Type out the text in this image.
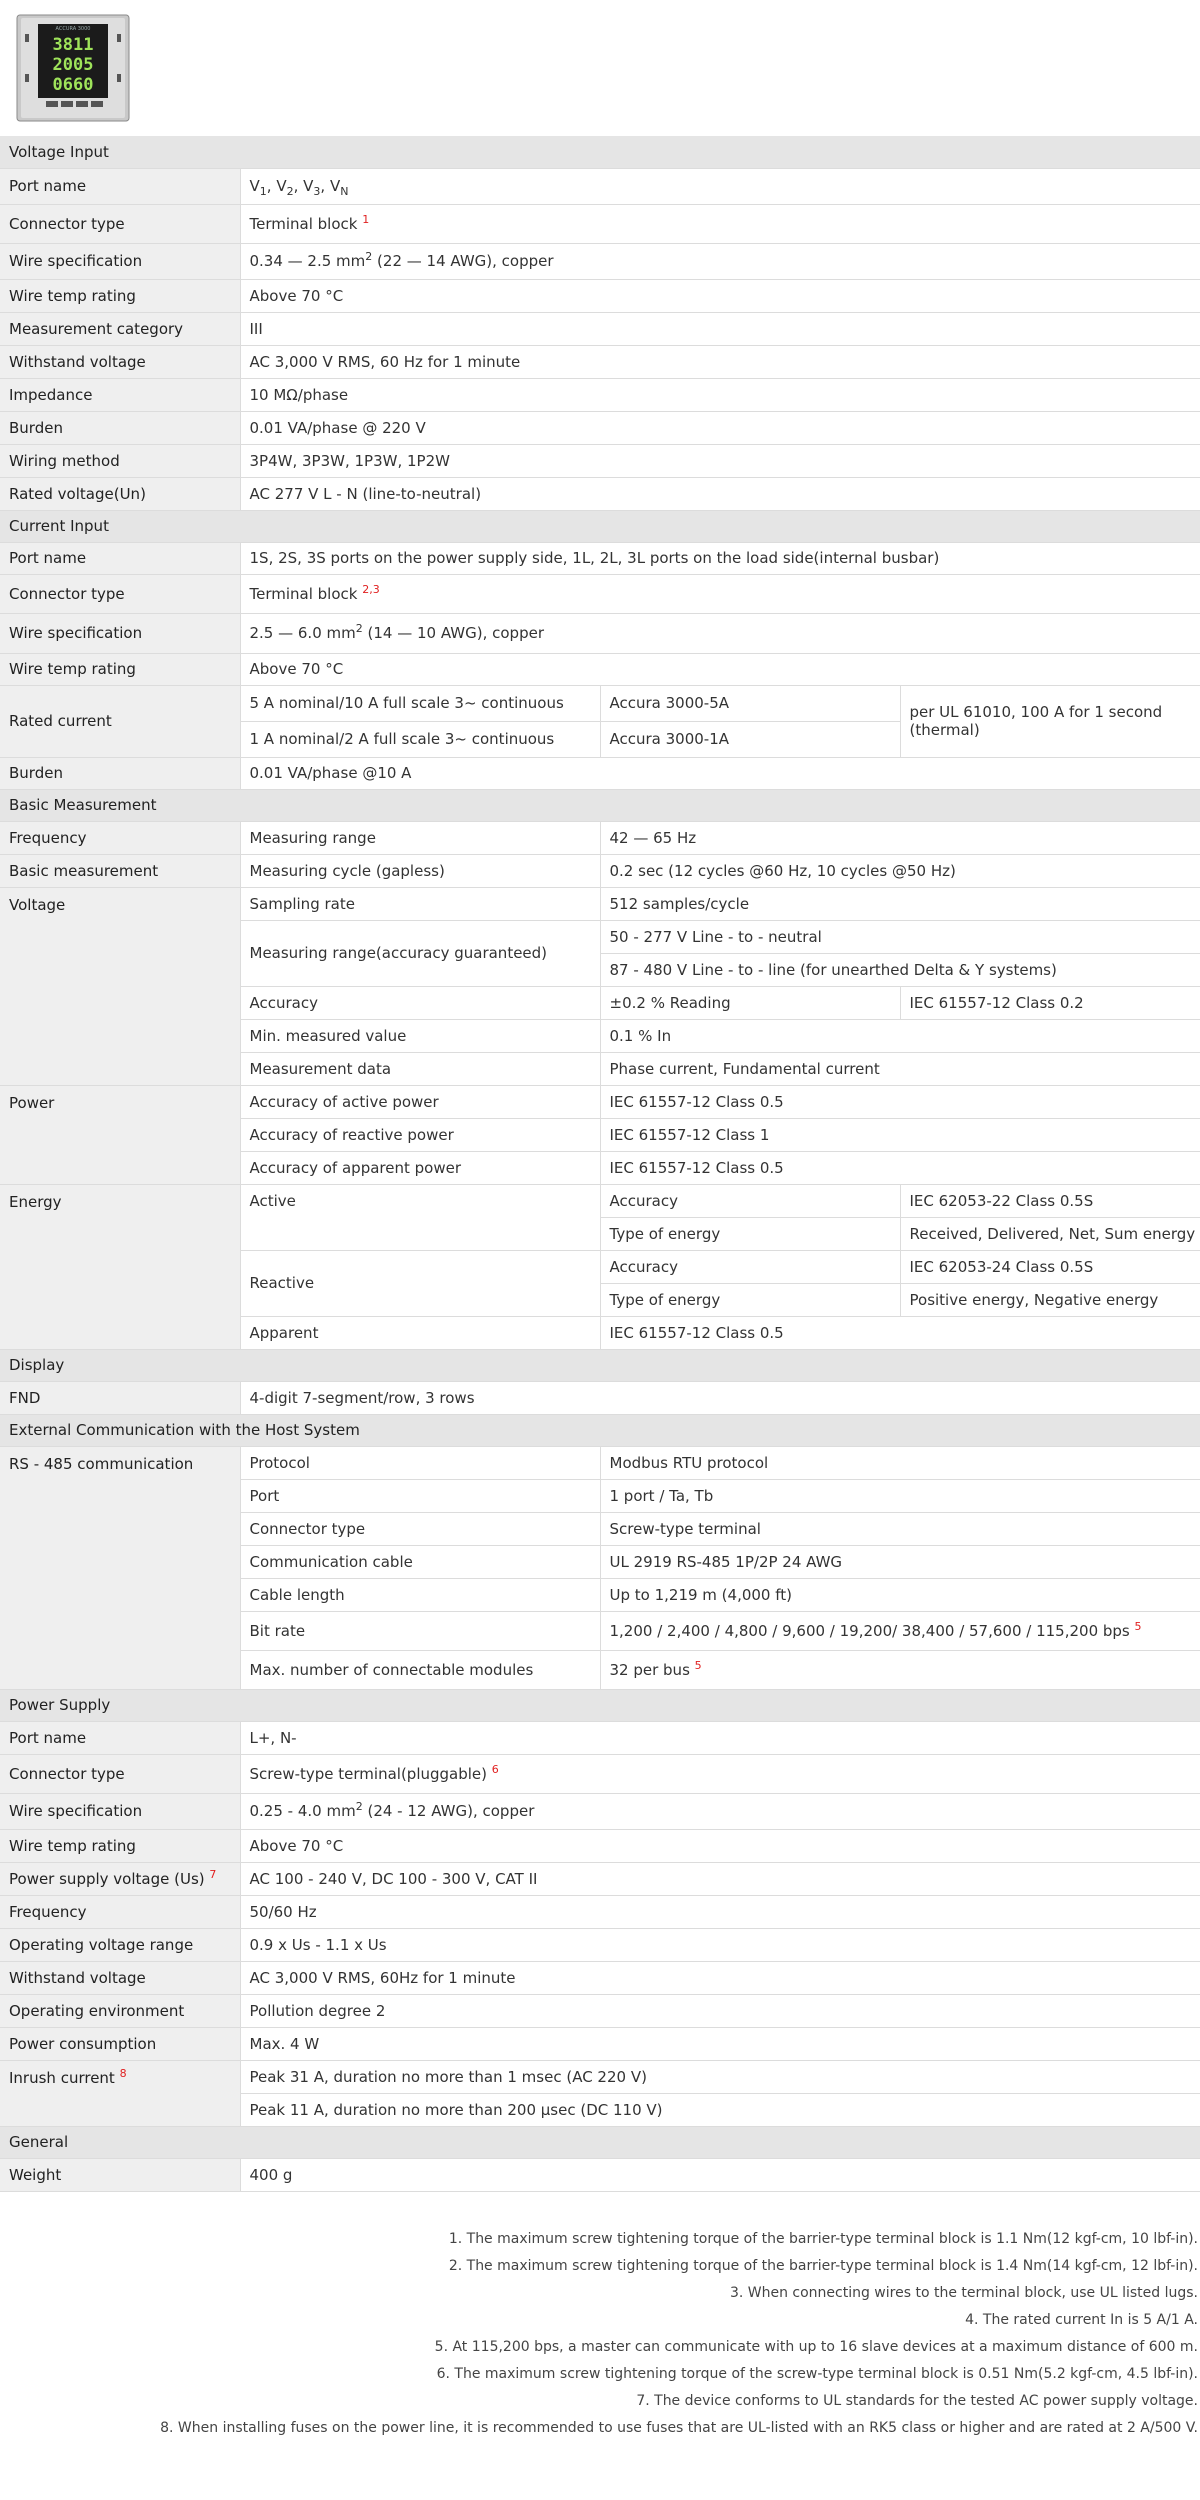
ACCURA 3000
3811
2005
0660
Voltage Input			
Port name	$V_1$, $V_2$, $V_3$, $V_N$
Connector type	Terminal block $^1$
Wire specification	0.34 — 2.5 $mm^2$ (22 — 14 AWG), copper		
Wire temp rating	Above 70 °C		
Measurement category	III		
Withstand voltage	AC 3,000 V RMS, 60 Hz for 1 minute		
Impedance	10 MΩ/phase		
Burden	0.01 VA/phase @ 220 V		
Wiring method	3P4W, 3P3W, 1P3W, 1P2W		
Rated voltage(Un)	AC 277 V L - N (line-to-neutral)		
Current Input			
Port name	1S, 2S, 3S ports on the power supply side, 1L, 2L, 3L ports on the load side(internal busbar)		
Connector type	Terminal block $^{2,3}$
Wire specification	2.5 — 6.0 $mm^2$ (14 — 10 AWG), copper		
Wire temp rating	Above 70 °C		
Rated current	5 A nominal/10 A full scale 3~ continuous	Accura 3000-5A	per UL 61010, 100 A for 1 second (thermal)
	1 A nominal/2 A full scale 3~ continuous	Accura 3000-1A	
Burden	0.01 VA/phase @10 A		
Basic Measurement			
Frequency	Measuring range	42 — 65 Hz	
Basic measurement	Measuring cycle (gapless)	0.2 sec (12 cycles @60 Hz, 10 cycles @50 Hz)	
Voltage	Sampling rate	512 samples/cycle	
	Measuring range(accuracy guaranteed)	50 - 277 V Line - to - neutral	
		87 - 480 V Line - to - line (for unearthed Delta & Y systems)	
	Accuracy	±0.2 % Reading	IEC 61557-12 Class 0.2
	Min. measured value	0.1 % In	
	Measurement data	Phase current, Fundamental current	
Power	Accuracy of active power	IEC 61557-12 Class 0.5	
	Accuracy of reactive power	IEC 61557-12 Class 1	
	Accuracy of apparent power	IEC 61557-12 Class 0.5	
Energy	Active	Accuracy	IEC 62053-22 Class 0.5S
		Type of energy	Received, Delivered, Net, Sum energy
	Reactive	Accuracy	IEC 62053-24 Class 0.5S
		Type of energy	Positive energy, Negative energy
	Apparent	IEC 61557-12 Class 0.5	
Display			
FND	4-digit 7-segment/row, 3 rows		
External Communication with the Host System			
RS - 485 communication	Protocol	Modbus RTU protocol	
	Port	1 port / Ta, Tb	
	Connector type	Screw-type terminal	
	Communication cable	UL 2919 RS-485 1P/2P 24 AWG	
	Cable length	Up to 1,219 m (4,000 ft)	
	Bit rate	1,200 / 2,400 / 4,800 / 9,600 / 19,200/ 38,400 / 57,600 / 115,200 bps $^5$
	Max. number of connectable modules	32 per bus $^5$
Power Supply			
Port name	L+, N-		
Connector type	Screw-type terminal(pluggable) $^6$
Wire specification	0.25 - 4.0 $mm^2$ (24 - 12 AWG), copper		
Wire temp rating	Above 70 °C		
Power supply voltage (Us) $^7$	AC 100 - 240 V, DC 100 - 300 V, CAT II		
Frequency	50/60 Hz		
Operating voltage range	0.9 x Us - 1.1 x Us		
Withstand voltage	AC 3,000 V RMS, 60Hz for 1 minute		
Operating environment	Pollution degree 2		
Power consumption	Max. 4 W		
Inrush current $^8$	Peak 31 A, duration no more than 1 msec (AC 220 V)		
	Peak 11 A, duration no more than 200 μsec (DC 110 V)		
General			
Weight	400 g		

1. The maximum screw tightening torque of the barrier-type terminal block is 1.1 Nm(12 kgf-cm, 10 lbf-in).

2. The maximum screw tightening torque of the barrier-type terminal block is 1.4 Nm(14 kgf-cm, 12 lbf-in).

3. When connecting wires to the terminal block, use UL listed lugs.

4. The rated current In is 5 A/1 A.

5. At 115,200 bps, a master can communicate with up to 16 slave devices at a maximum distance of 600 m.

6. The maximum screw tightening torque of the screw-type terminal block is 0.51 Nm(5.2 kgf-cm, 4.5 lbf-in).

7. The device conforms to UL standards for the tested AC power supply voltage.

8. When installing fuses on the power line, it is recommended to use fuses that are UL-listed with an RK5 class or higher and are rated at 2 A/500 V.
